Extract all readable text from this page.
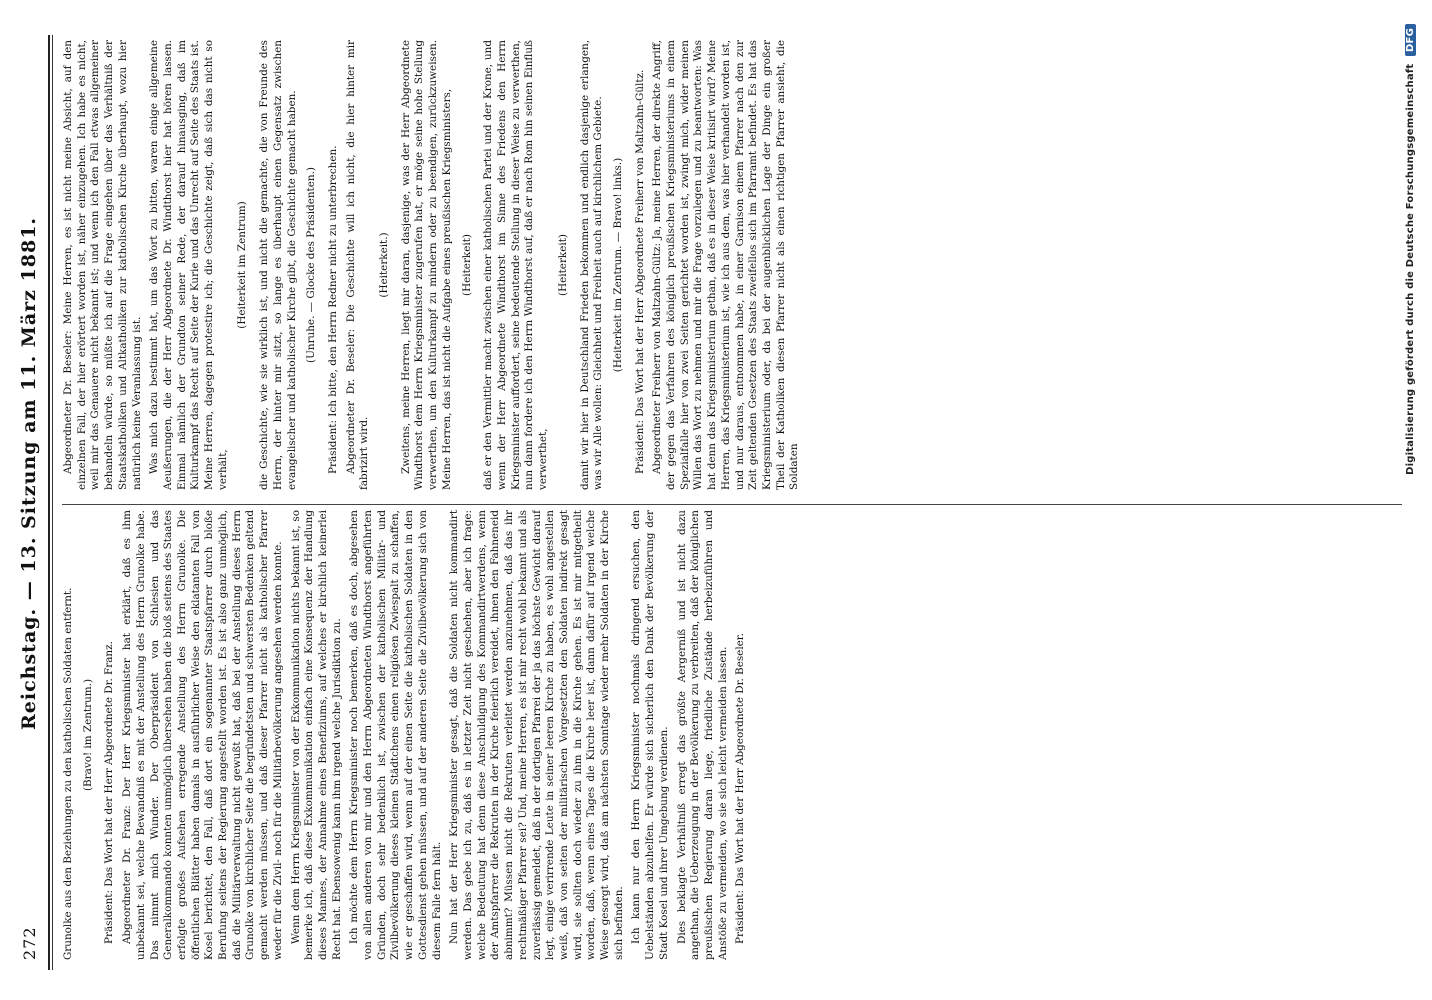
272
Reichstag. — 13. Sitzung am 11. März 1881.

Grunolke aus den Beziehungen zu den katholischen Soldaten entfernt. (Bravo! im Zentrum.) Präsident: Das Wort hat der Herr Abgeordnete Dr. Franz. Abgeordneter Dr. Franz: Der Herr Kriegsminister hat erklärt, daß es ihm unbekannt sei, welche Bewandniß es mit der Anstellung des Herrn Grunolke habe. Das nimmt mich Wunder. Der Oberpräsident von Schlesien und das Generalkommando konnten unmöglich übersehen haben die bloß seitens des Staates erfolgte großes Aufsehen erregende Anstellung des Herrn Grunolke. Die öffentlichen Blätter haben damals in ausführlicher Weise den eklatanten Fall von Kosel berichtet, den Fall, daß dort ein sogenannter Staatspfarrer durch bloße Berufung seitens der Regierung angestellt worden ist. Es ist also ganz unmöglich, daß die Militärverwaltung nicht gewußt hat, daß bei der Anstellung dieses Herrn Grunolke von kirchlicher Seite die begründetsten und schwersten Bedenken geltend gemacht werden müssen, und daß dieser Pfarrer nicht als katholischer Pfarrer weder für die Zivil- noch für die Militärbevölkerung angesehen werden konnte. Wenn dem Herrn Kriegsminister von der Exkommunikation nichts bekannt ist, so bemerke ich, daß diese Exkommunikation einfach eine Konsequenz der Handlung dieses Mannes, der Annahme eines Benefiziums, auf welches er kirchlich keinerlei Recht hat. Ebensowenig kann ihm irgend welche Jurisdiktion zu. Ich möchte dem Herrn Kriegsminister noch bemerken, daß es doch, abgesehen von allen anderen von mir und den Herrn Abgeordneten Windthorst angeführten Gründen, doch sehr bedenklich ist, zwischen der katholischen Militär- und Zivilbevölkerung dieses kleinen Städtchens einen religiösen Zwiespalt zu schaffen, wie er geschaffen wird, wenn auf der einen Seite die katholischen Soldaten in den Gottesdienst gehen müssen, und auf der anderen Seite die Zivilbevölkerung sich von diesem Falle fern hält. Nun hat der Herr Kriegsminister gesagt, daß die Soldaten nicht kommandirt werden. Das gebe ich zu, daß es in letzter Zeit nicht geschehen, aber ich frage: welche Bedeutung hat denn diese Anschuldigung des Kommandirtwerdens, wenn der Amtspfarrer die Rekruten in der Kirche feierlich vereidet, ihnen den Fahneneid abnimmt? Müssen nicht die Rekruten verleitet werden anzunehmen, daß das ihr rechtmäßiger Pfarrer sei? Und, meine Herren, es ist mir recht wohl bekannt und als zuverlässig gemeldet, daß in der dortigen Pfarrei der ja das höchste Gewicht darauf legt, einige verirrende Leute in seiner leeren Kirche zu haben, es wohl angestellen weiß, daß von seiten der militärischen Vorgesetzten den Soldaten indirekt gesagt wird, sie sollten doch wieder zu ihm in die Kirche gehen. Es ist mir mitgetheilt worden, daß, wenn eines Tages die Kirche leer ist, dann dafür auf irgend welche Weise gesorgt wird, daß am nächsten Sonntage wieder mehr Soldaten in der Kirche sich befinden. Ich kann nur den Herrn Kriegsminister nochmals dringend ersuchen, den Uebelständen abzuhelfen. Er würde sich sicherlich den Dank der Bevölkerung der Stadt Kosel und ihrer Umgebung verdienen. Dies beklagte Verhältniß erregt das größte Aergerniß und ist nicht dazu angethan, die Ueberzeugung in der Bevölkerung zu verbreiten, daß der königlichen preußischen Regierung daran liege, friedliche Zustände herbeizuführen und Anstöße zu vermeiden, wo sie sich leicht vermeiden lassen. Präsident: Das Wort hat der Herr Abgeordnete Dr. Beseler.

Abgeordneter Dr. Beseler: Meine Herren, es ist nicht meine Absicht, auf den einzelnen Fall, der hier erörtert worden ist, näher einzugehen. Ich habe es nicht, weil mir das Genauere nicht bekannt ist; und wenn ich den Fall etwas allgemeiner behandeln würde, so müßte ich auf die Frage eingehen über das Verhältniß der Staatskatholiken und Altkatholiken zur katholischen Kirche überhaupt, wozu hier natürlich keine Veranlassung ist. Was mich dazu bestimmt hat, um das Wort zu bitten, waren einige allgemeine Aeußerungen, die der Herr Abgeordnete Dr. Windthorst hier hat hören lassen. Einmal nämlich der Grundton seiner Rede, der darauf hinausging, daß im Kulturkampf das Recht auf Seite der Kurie und das Unrecht auf Seite des Staats ist. Meine Herren, dagegen protestire ich; die Geschichte zeigt, daß sich das nicht so verhält,

(Heiterkeit im Zentrum) die Geschichte, wie sie wirklich ist, und nicht die gemachte, die von Freunde des Herrn, der hinter mir sitzt, so lange es überhaupt einen Gegensatz zwischen evangelischer und katholischer Kirche gibt, die Geschichte gemacht haben. (Unruhe. — Glocke des Präsidenten.) Präsident: Ich bitte, den Herrn Redner nicht zu unterbrechen. Abgeordneter Dr. Beseler: Die Geschichte will ich nicht, die hier hinter mir fabrizirt wird.

(Heiterkeit.) Zweitens, meine Herren, liegt mir daran, dasjenige, was der Herr Abgeordnete Windthorst dem Herrn Kriegsminister zugerufen hat, er möge seine hohe Stellung verwerthen, um den Kulturkampf zu mindern oder zu beendigen, zurückzuweisen. Meine Herren, das ist nicht die Aufgabe eines preußischen Kriegsministers, (Heiterkeit) daß er den Vermittler macht zwischen einer katholischen Partei und der Krone, und wenn der Herr Abgeordnete Windthorst im Sinne des Friedens den Herrn Kriegsminister auffordert, seine bedeutende Stellung in dieser Weise zu verwerthen, nun dann fordere ich den Herrn Windthorst auf, daß er nach Rom hin seinen Einfluß verwerthet,

(Heiterkeit) damit wir hier in Deutschland Frieden bekommen und endlich dasjenige erlangen, was wir Alle wollen: Gleichheit und Freiheit auch auf kirchlichem Gebiete. (Heiterkeit im Zentrum. — Bravo! links.) Präsident: Das Wort hat der Herr Abgeordnete Freiherr von Maltzahn-Gültz. Abgeordneter Freiherr von Maltzahn-Gültz: Ja, meine Herren, der direkte Angriff, der gegen das Verfahren des königlich preußischen Kriegsministeriums in einem Spezialfalle hier von zwei Seiten gerichtet worden ist, zwingt mich, wider meinen Willen das Wort zu nehmen und mir die Frage vorzulegen und zu beantworten: Was hat denn das Kriegsministerium gethan, daß es in dieser Weise kritisirt wird? Meine Herren, das Kriegsministerium ist, wie ich aus dem, was hier verhandelt worden ist, und nur daraus, entnommen habe, in einer Garnison einem Pfarrer nach den zur Zeit geltenden Gesetzen des Staats zweifellos sich im Pfarramt befindet. Es hat das Kriegsministerium oder, da bei der augenblicklichen Lage der Dinge ein großer Theil der Katholiken diesen Pfarrer nicht als einen richtigen Pfarrer ansieht, die Soldaten	Digitalisierung gefördert durch die Deutsche Forschungsgemeinschaft DFG
